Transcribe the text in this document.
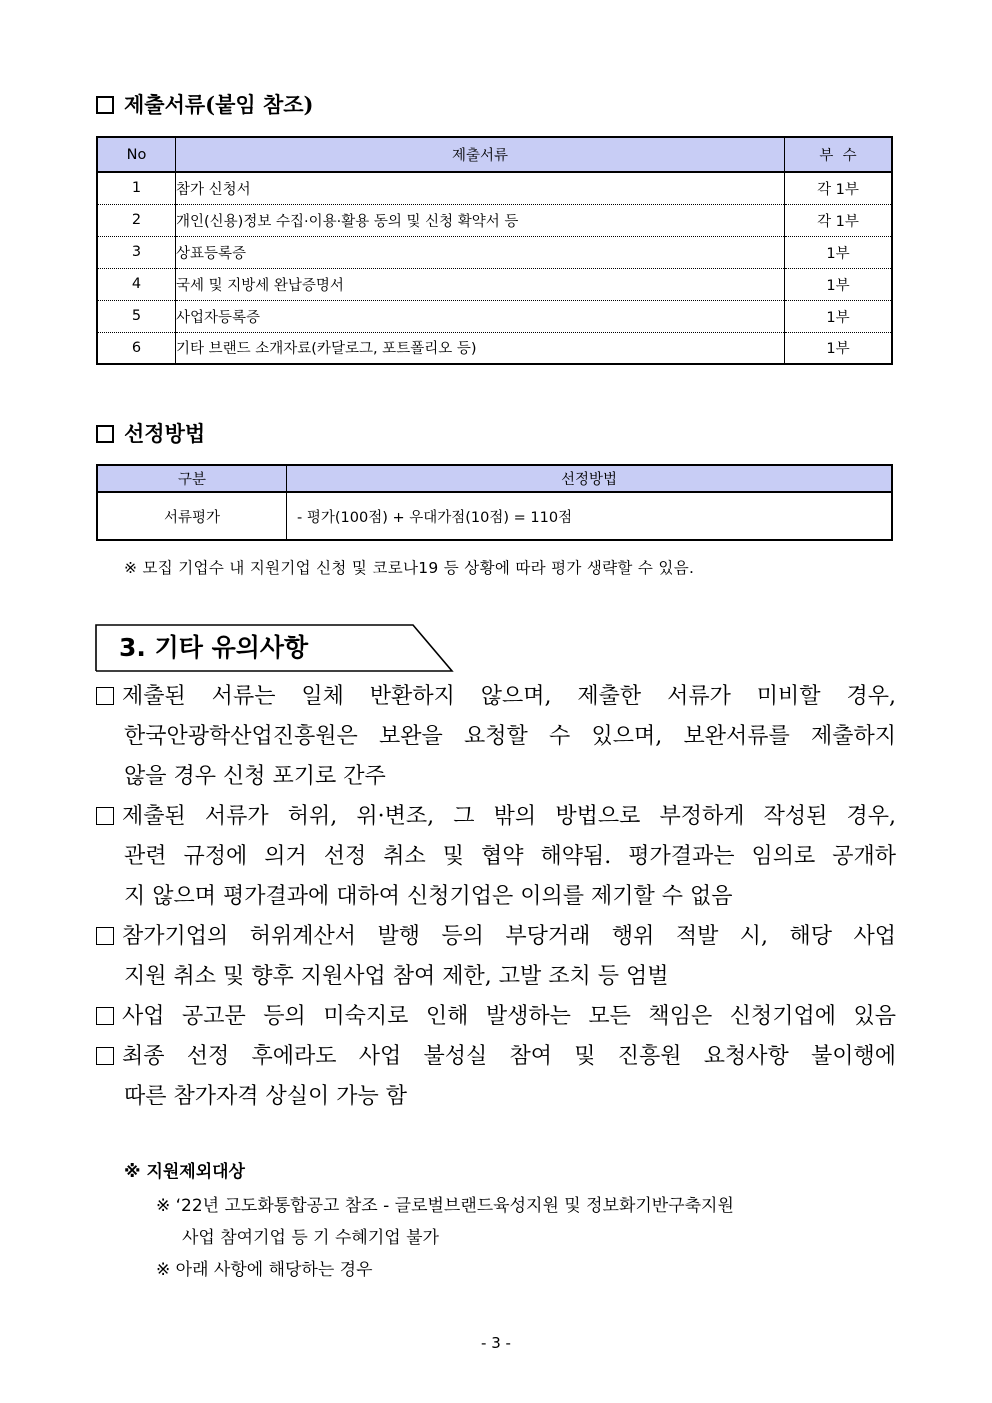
제출서류(붙임 참조)
No	제출서류	부  수
1	참가 신청서	각 1부
2	개인(신용)정보 수집·이용·활용 동의 및 신청 확약서 등	각 1부
3	상표등록증	1부
4	국세 및 지방세 완납증명서	1부
5	사업자등록증	1부
6	기타 브랜드 소개자료(카달로그, 포트폴리오 등)	1부
선정방법
구분	선정방법
서류평가	- 평가(100점) + 우대가점(10점) = 110점
※ 모집 기업수 내 지원기업 신청 및 코로나19 등 상황에 따라 평가 생략할 수 있음.
3. 기타 유의사항
제출된 서류는 일체 반환하지 않으며, 제출한 서류가 미비할 경우,
한국안광학산업진흥원은 보완을 요청할 수 있으며, 보완서류를 제출하지
않을 경우 신청 포기로 간주
제출된 서류가 허위, 위·변조, 그 밖의 방법으로 부정하게 작성된 경우,
관련 규정에 의거 선정 취소 및 협약 해약됨. 평가결과는 임의로 공개하
지 않으며 평가결과에 대하여 신청기업은 이의를 제기할 수 없음
참가기업의 허위계산서 발행 등의 부당거래 행위 적발 시, 해당 사업
지원 취소 및 향후 지원사업 참여 제한, 고발 조치 등 엄벌
사업 공고문 등의 미숙지로 인해 발생하는 모든 책임은 신청기업에 있음
최종 선정 후에라도 사업 불성실 참여 및 진흥원 요청사항 불이행에
따른 참가자격 상실이 가능 함
※ 지원제외대상
※ ‘22년 고도화통합공고 참조 - 글로벌브랜드육성지원 및 정보화기반구축지원
사업 참여기업 등 기 수혜기업 불가
※ 아래 사항에 해당하는 경우
- 3 -
